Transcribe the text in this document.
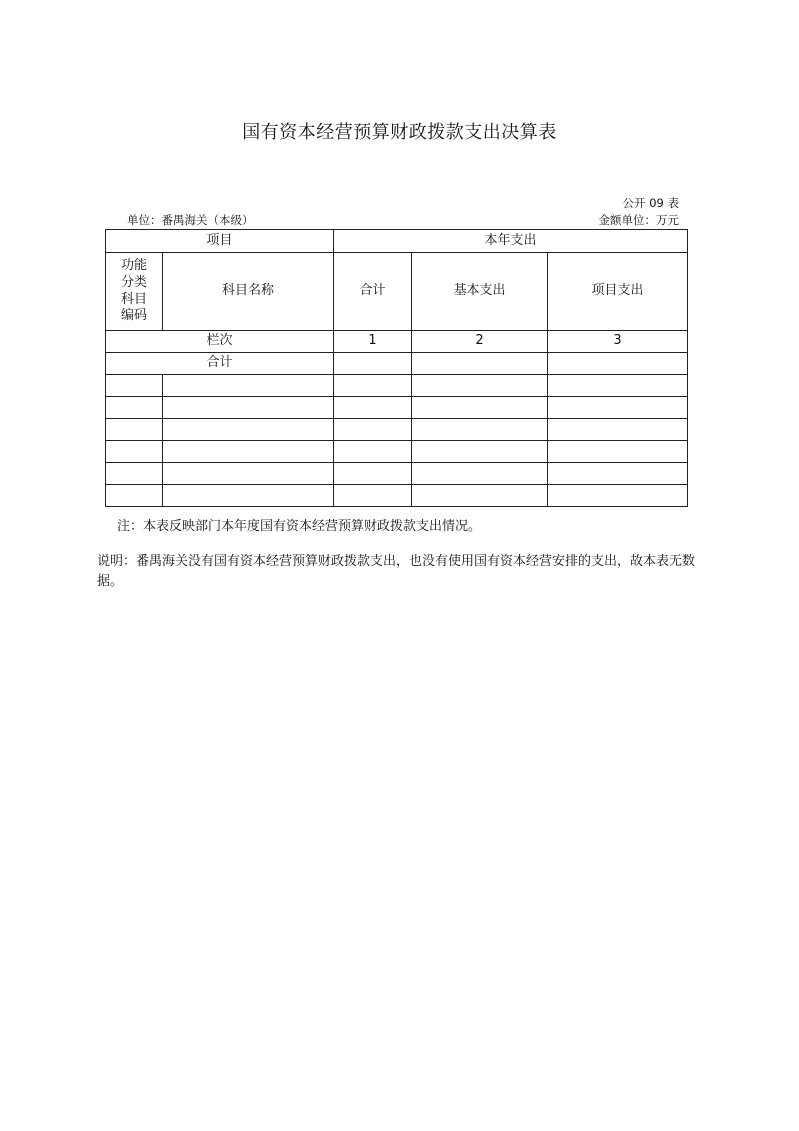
国有资本经营预算财政拨款支出决算表
公开 09 表
单位：番禺海关（本级）	金额单位：万元
项目		本年支出		
功能分类科目编码	科目名称	合计	基本支出	项目支出
栏次		1	2	3
合计				

注：本表反映部门本年度国有资本经营预算财政拨款支出情况。
说明：番禺海关没有国有资本经营预算财政拨款支出，也没有使用国有资本经营安排的支出，故本表无数据。
